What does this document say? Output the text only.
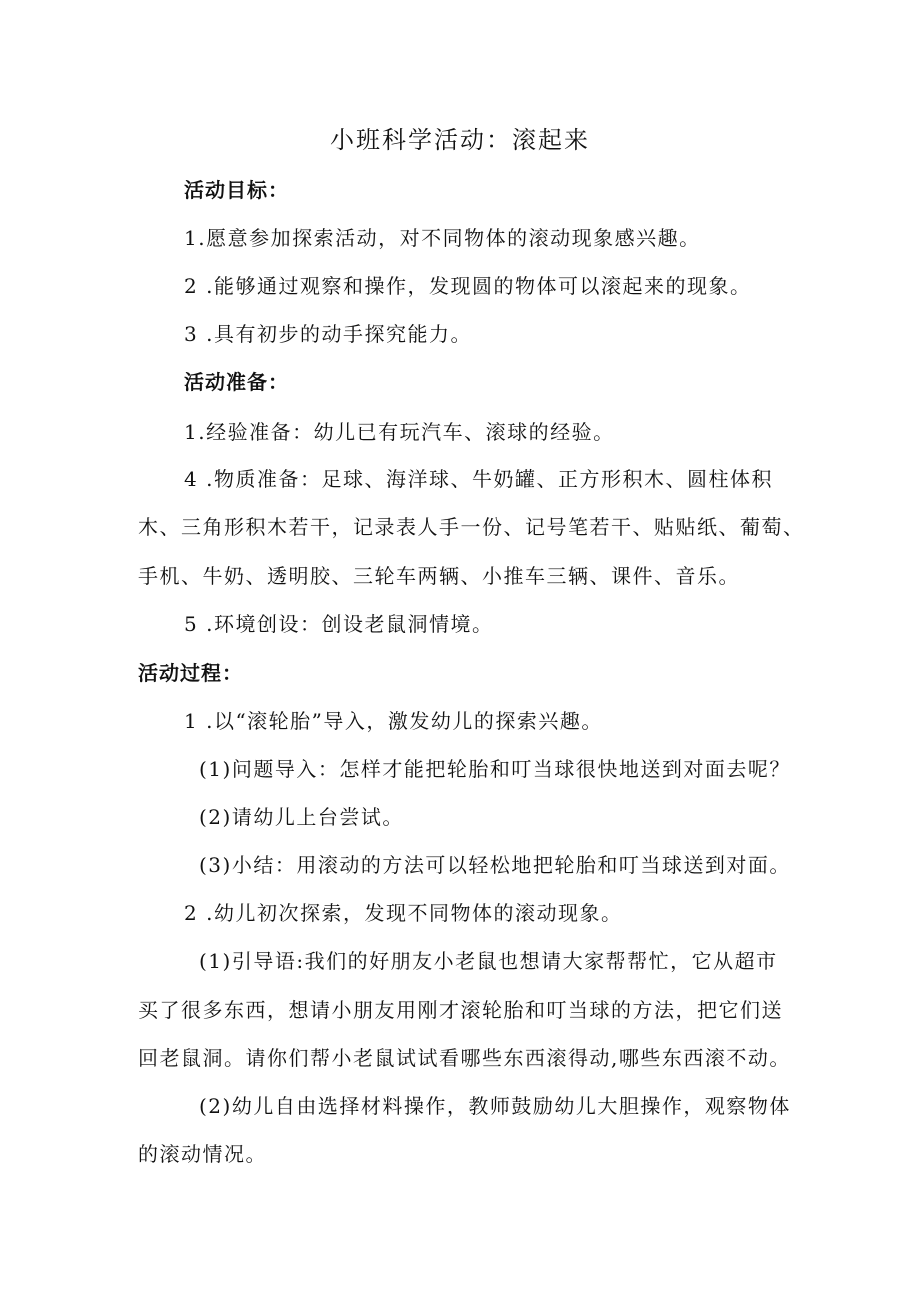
小班科学活动：滚起来
活动目标：
1.愿意参加探索活动，对不同物体的滚动现象感兴趣。
2 .能够通过观察和操作，发现圆的物体可以滚起来的现象。
3 .具有初步的动手探究能力。
活动准备：
1.经验准备：幼儿已有玩汽车、滚球的经验。
4 .物质准备：足球、海洋球、牛奶罐、正方形积木、圆柱体积
木、三角形积木若干，记录表人手一份、记号笔若干、贴贴纸、葡萄、
手机、牛奶、透明胶、三轮车两辆、小推车三辆、课件、音乐。
5 .环境创设：创设老鼠洞情境。
活动过程：
1 .以“滚轮胎”导入，激发幼儿的探索兴趣。
(1)问题导入：怎样才能把轮胎和叮当球很快地送到对面去呢？
(2)请幼儿上台尝试。
(3)小结：用滚动的方法可以轻松地把轮胎和叮当球送到对面。
2 .幼儿初次探索，发现不同物体的滚动现象。
(1)引导语:我们的好朋友小老鼠也想请大家帮帮忙，它从超市
买了很多东西，想请小朋友用刚才滚轮胎和叮当球的方法，把它们送
回老鼠洞。请你们帮小老鼠试试看哪些东西滚得动,哪些东西滚不动。
(2)幼儿自由选择材料操作，教师鼓励幼儿大胆操作，观察物体
的滚动情况。
